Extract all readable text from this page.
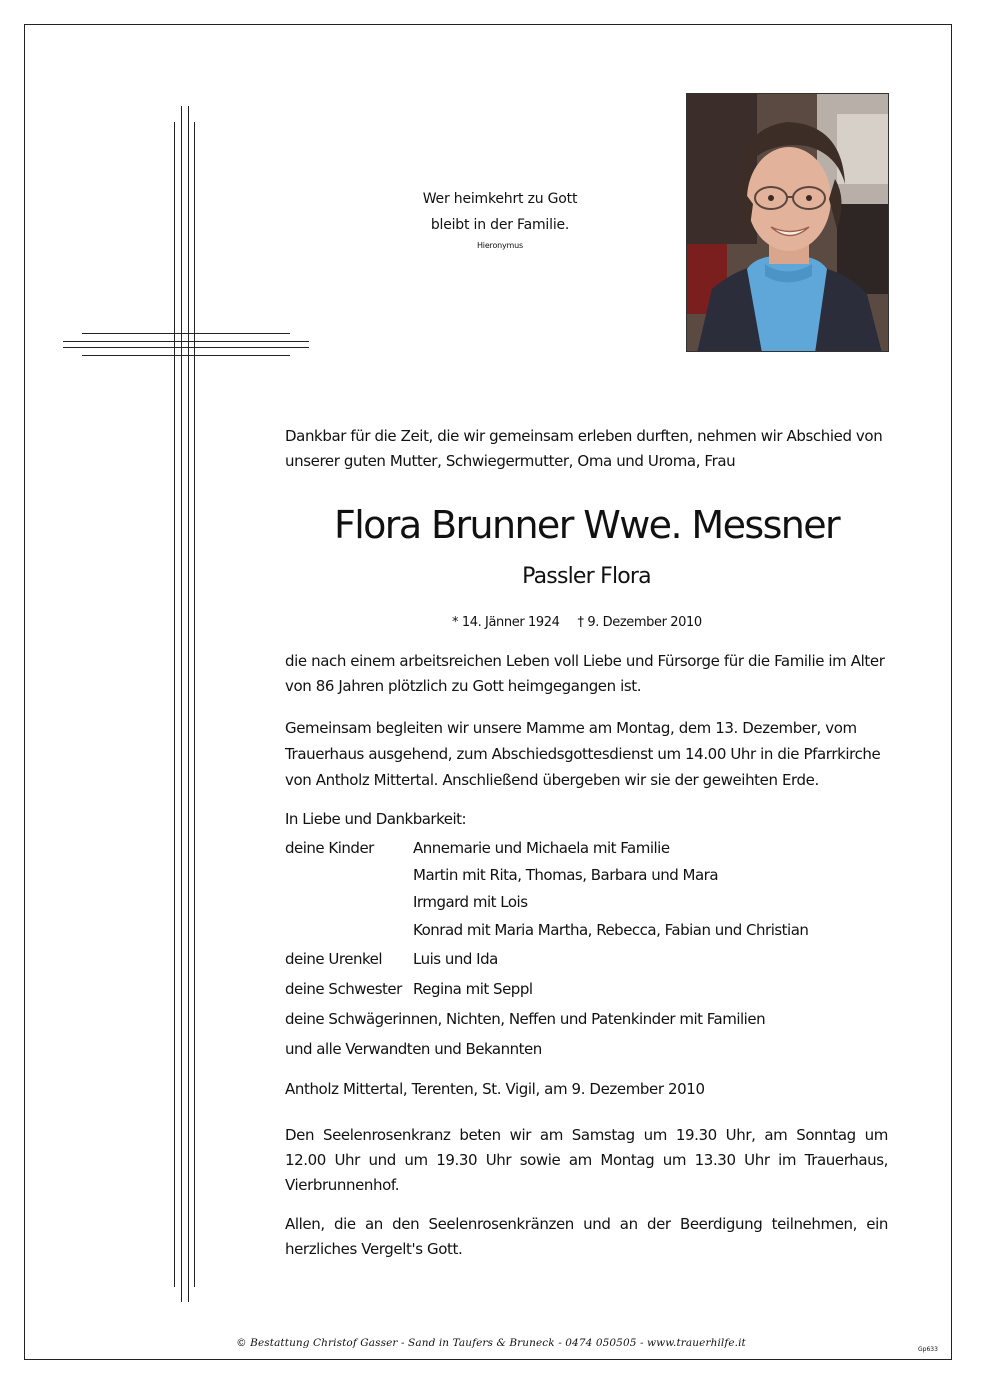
Wer heimkehrt zu Gott
bleibt in der Familie.
Hieronymus
Dankbar für die Zeit, die wir gemeinsam erleben durften, nehmen wir Abschied von
unserer guten Mutter, Schwiegermutter, Oma und Uroma, Frau
Flora Brunner Wwe. Messner
Passler Flora
* 14. Jänner 1924 † 9. Dezember 2010
die nach einem arbeitsreichen Leben voll Liebe und Fürsorge für die Familie im Alter
von 86 Jahren plötzlich zu Gott heimgegangen ist.
Gemeinsam begleiten wir unsere Mamme am Montag, dem 13. Dezember, vom
Trauerhaus ausgehend, zum Abschiedsgottesdienst um 14.00 Uhr in die Pfarrkirche
von Antholz Mittertal. Anschließend übergeben wir sie der geweihten Erde.
In Liebe und Dankbarkeit:
deine Kinder	Annemarie und Michaela mit Familie
Martin mit Rita, Thomas, Barbara und Mara
Irmgard mit Lois
Konrad mit Maria Martha, Rebecca, Fabian und Christian
deine Urenkel Luis und Ida
deine Schwester Regina mit Seppl
deine Schwägerinnen, Nichten, Neffen und Patenkinder mit Familien
und alle Verwandten und Bekannten
Antholz Mittertal, Terenten, St. Vigil, am 9. Dezember 2010
Den Seelenrosenkranz beten wir am Samstag um 19.30 Uhr, am Sonntag um
12.00 Uhr und um 19.30 Uhr sowie am Montag um 13.30 Uhr im Trauerhaus,
Vierbrunnenhof.
Allen, die an den Seelenrosenkränzen und an der Beerdigung teilnehmen, ein
herzliches Vergelt's Gott.
© Bestattung Christof Gasser - Sand in Taufers & Bruneck - 0474 050505 - www.trauerhilfe.it
Gp633
